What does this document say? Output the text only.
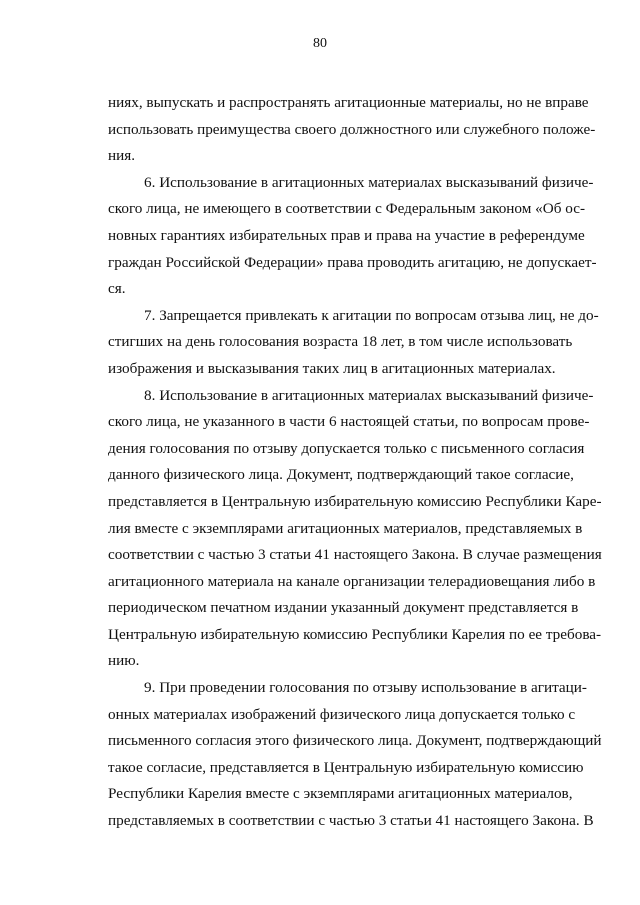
80
ниях, выпускать и распространять агитационные материалы, но не вправе
использовать преимущества своего должностного или служебного положе-
ния.
6. Использование в агитационных материалах высказываний физиче-
ского лица, не имеющего в соответствии с Федеральным законом «Об ос-
новных гарантиях избирательных прав и права на участие в референдуме
граждан Российской Федерации» права проводить агитацию, не допускает-
ся.
7. Запрещается привлекать к агитации по вопросам отзыва лиц, не до-
стигших на день голосования возраста 18 лет, в том числе использовать
изображения и высказывания таких лиц в агитационных материалах.
8. Использование в агитационных материалах высказываний физиче-
ского лица, не указанного в части 6 настоящей статьи, по вопросам прове-
дения голосования по отзыву допускается только с письменного согласия
данного физического лица. Документ, подтверждающий такое согласие,
представляется в Центральную избирательную комиссию Республики Каре-
лия вместе с экземплярами агитационных материалов, представляемых в
соответствии с частью 3 статьи 41 настоящего Закона. В случае размещения
агитационного материала на канале организации телерадиовещания либо в
периодическом печатном издании указанный документ представляется в
Центральную избирательную комиссию Республики Карелия по ее требова-
нию.
9. При проведении голосования по отзыву использование в агитаци-
онных материалах изображений физического лица допускается только с
письменного согласия этого физического лица. Документ, подтверждающий
такое согласие, представляется в Центральную избирательную комиссию
Республики Карелия вместе с экземплярами агитационных материалов,
представляемых в соответствии с частью 3 статьи 41 настоящего Закона. В
